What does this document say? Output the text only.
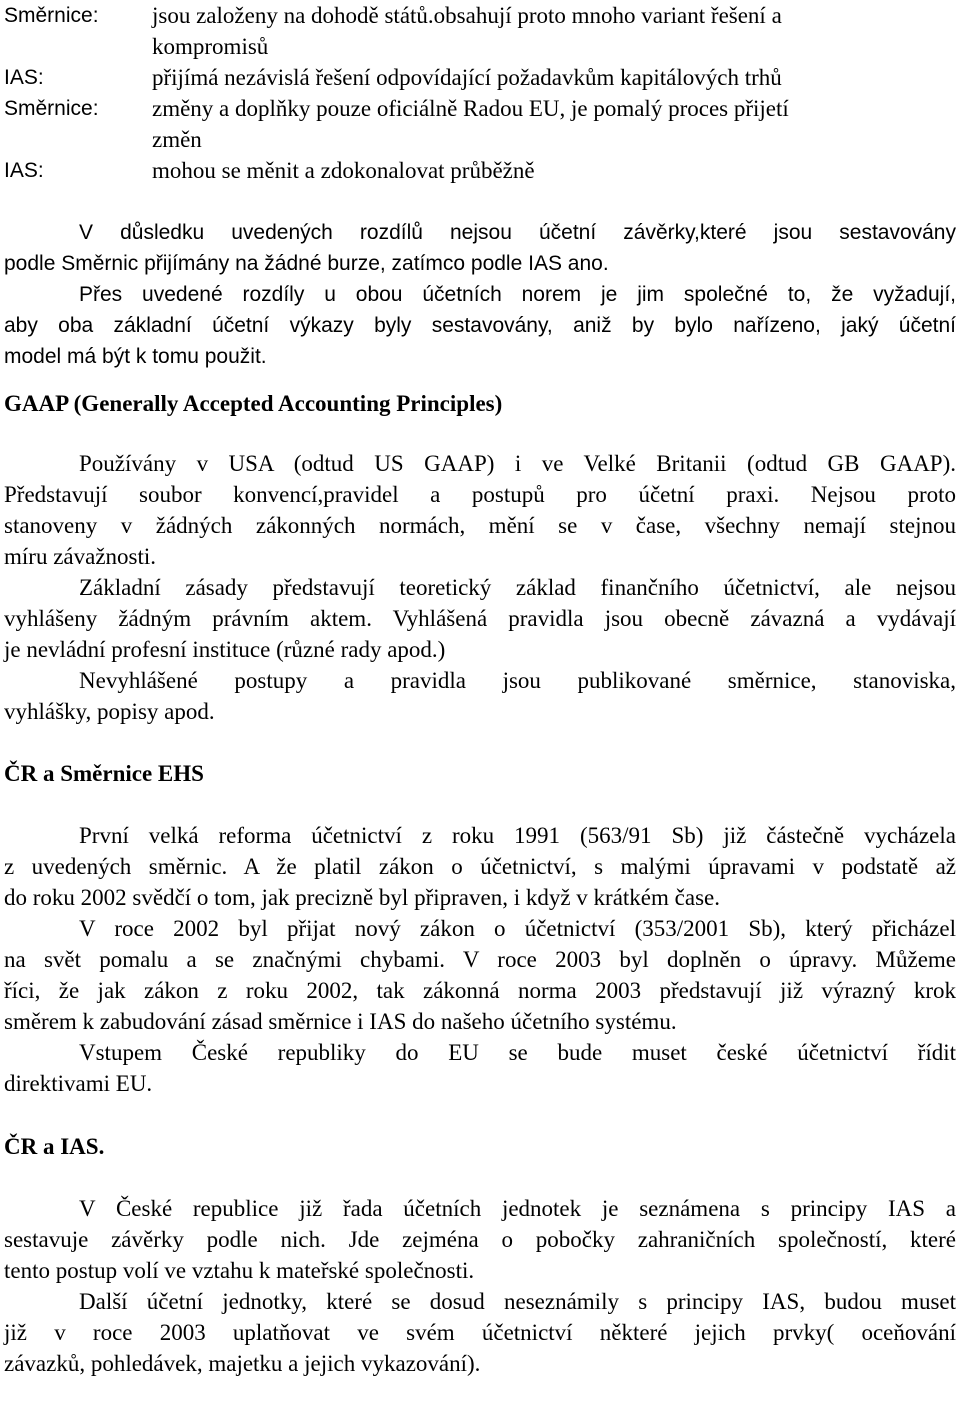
Směrnice: jsou založeny na dohodě států.obsahují proto mnoho variant řešení a
kompromisů
IAS:	přijímá nezávislá řešení odpovídající požadavkům kapitálových trhů
Směrnice: změny a doplňky pouze oficiálně Radou EU, je pomalý proces přijetí
změn
IAS:	mohou se měnit a zdokonalovat průběžně
V důsledku uvedených rozdílů nejsou účetní závěrky,které jsou sestavovány
podle Směrnic přijímány na žádné burze, zatímco podle IAS ano.
Přes uvedené rozdíly u obou účetních norem je jim společné to, že vyžadují,
aby oba základní účetní výkazy byly sestavovány, aniž by bylo nařízeno, jaký účetní
model má být k tomu použit.
GAAP (Generally Accepted Accounting Principles)
Používány v USA (odtud US GAAP) i ve Velké Britanii (odtud GB GAAP).
Představují soubor konvencí,pravidel a postupů pro účetní praxi. Nejsou proto
stanoveny v žádných zákonných normách, mění se v čase, všechny nemají stejnou
míru závažnosti.
Základní zásady představují teoretický základ finančního účetnictví, ale nejsou
vyhlášeny žádným právním aktem. Vyhlášená pravidla jsou obecně závazná a vydávají
je nevládní profesní instituce (různé rady apod.)
Nevyhlášené postupy a pravidla jsou publikované směrnice, stanoviska,
vyhlášky, popisy apod.
ČR a Směrnice EHS
První velká reforma účetnictví z roku 1991 (563/91 Sb) již částečně vycházela
z uvedených směrnic. A že platil zákon o účetnictví, s malými úpravami v podstatě až
do roku 2002 svědčí o tom, jak precizně byl připraven, i když v krátkém čase.
V roce 2002 byl přijat nový zákon o účetnictví (353/2001 Sb), který přicházel
na svět pomalu a se značnými chybami. V roce 2003 byl doplněn o úpravy. Můžeme
říci, že jak zákon z roku 2002, tak zákonná norma 2003 představují již výrazný krok
směrem k zabudování zásad směrnice i IAS do našeho účetního systému.
Vstupem České republiky do EU se bude muset české účetnictví řídit
direktivami EU.
ČR a IAS.
V České republice již řada účetních jednotek je seznámena s principy IAS a
sestavuje závěrky podle nich. Jde zejména o pobočky zahraničních společností, které
tento postup volí ve vztahu k mateřské společnosti.
Další účetní jednotky, které se dosud neseznámily s principy IAS, budou muset
již v roce 2003 uplatňovat ve svém účetnictví některé jejich prvky( oceňování
závazků, pohledávek, majetku a jejich vykazování).
